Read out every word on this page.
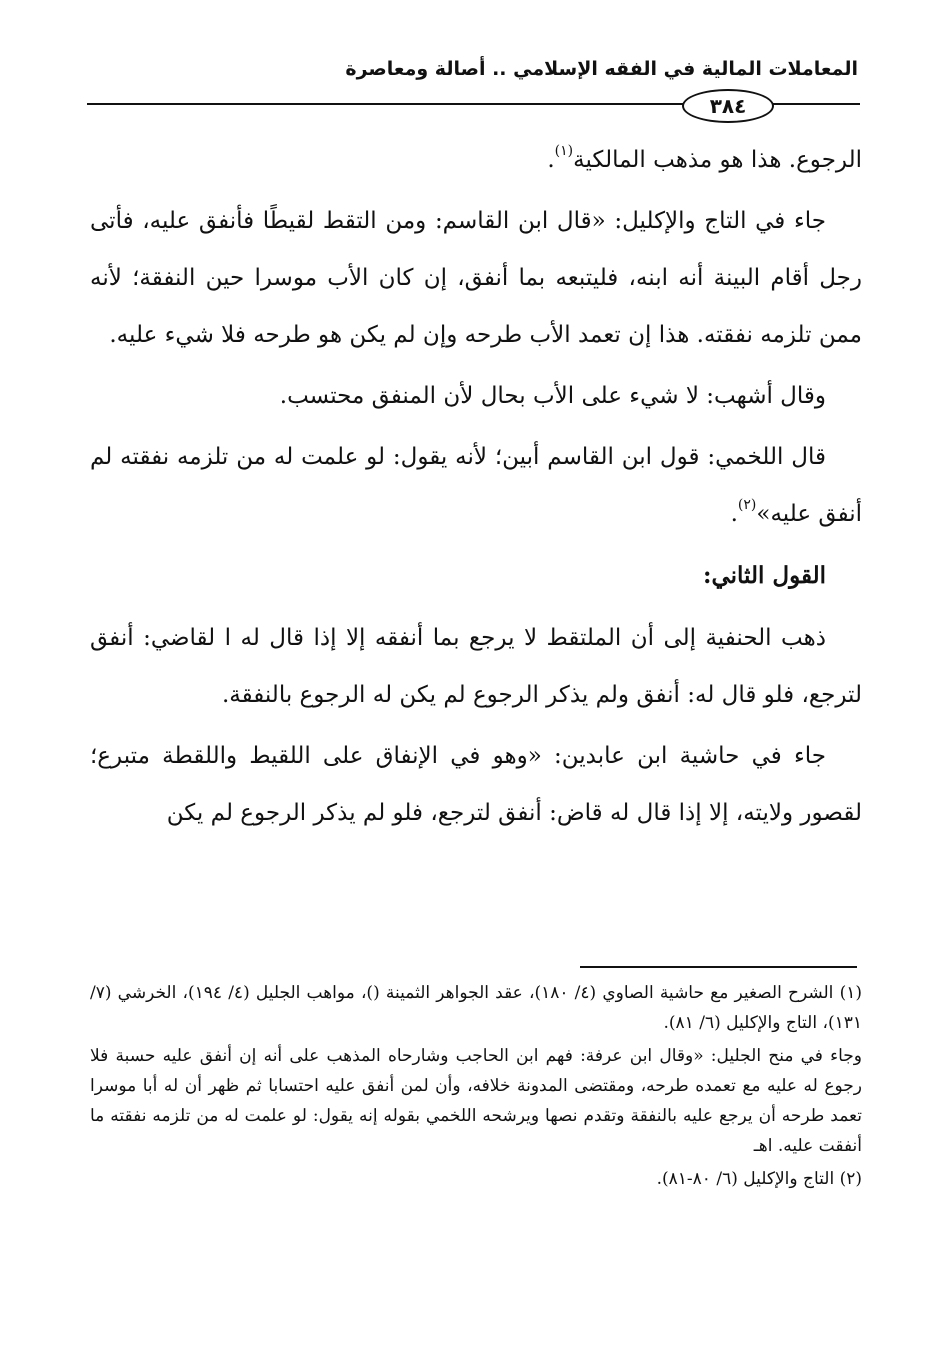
المعاملات المالية في الفقه الإسلامي .. أصالة ومعاصرة
٣٨٤

الرجوع. هذا هو مذهب المالكية$^{(١)}$.

جاء في التاج والإكليل: «قال ابن القاسم: ومن التقط لقيطًا فأنفق عليه، فأتى رجل أقام البينة أنه ابنه، فليتبعه بما أنفق، إن كان الأب موسرا حين النفقة؛ لأنه ممن تلزمه نفقته. هذا إن تعمد الأب طرحه وإن لم يكن هو طرحه فلا شيء عليه.

وقال أشهب: لا شيء على الأب بحال لأن المنفق محتسب.

قال اللخمي: قول ابن القاسم أبين؛ لأنه يقول: لو علمت له من تلزمه نفقته لم أنفق عليه»$^{(٢)}$.

القول الثاني:

ذهب الحنفية إلى أن الملتقط لا يرجع بما أنفقه إلا إذا قال له ا لقاضي: أنفق لترجع، فلو قال له: أنفق ولم يذكر الرجوع لم يكن له الرجوع بالنفقة.

جاء في حاشية ابن عابدين: «وهو في الإنفاق على اللقيط واللقطة متبرع؛ لقصور ولايته، إلا إذا قال له قاض: أنفق لترجع، فلو لم يذكر الرجوع لم يكن

(١) الشرح الصغير مع حاشية الصاوي (٤/ ١٨٠)، عقد الجواهر الثمينة ()، مواهب الجليل (٤/ ١٩٤)، الخرشي (٧/ ١٣١)، التاج والإكليل (٦/ ٨١).

وجاء في منح الجليل: «وقال ابن عرفة: فهم ابن الحاجب وشارحاه المذهب على أنه إن أنفق عليه حسبة فلا رجوع له عليه مع تعمده طرحه، ومقتضى المدونة خلافه، وأن لمن أنفق عليه احتسابا ثم ظهر أن له أبا موسرا تعمد طرحه أن يرجع عليه بالنفقة وتقدم نصها ويرشحه اللخمي بقوله إنه يقول: لو علمت له من تلزمه نفقته ما أنفقت عليه. اهـ

(٢) التاج والإكليل (٦/ ٨٠-٨١).
